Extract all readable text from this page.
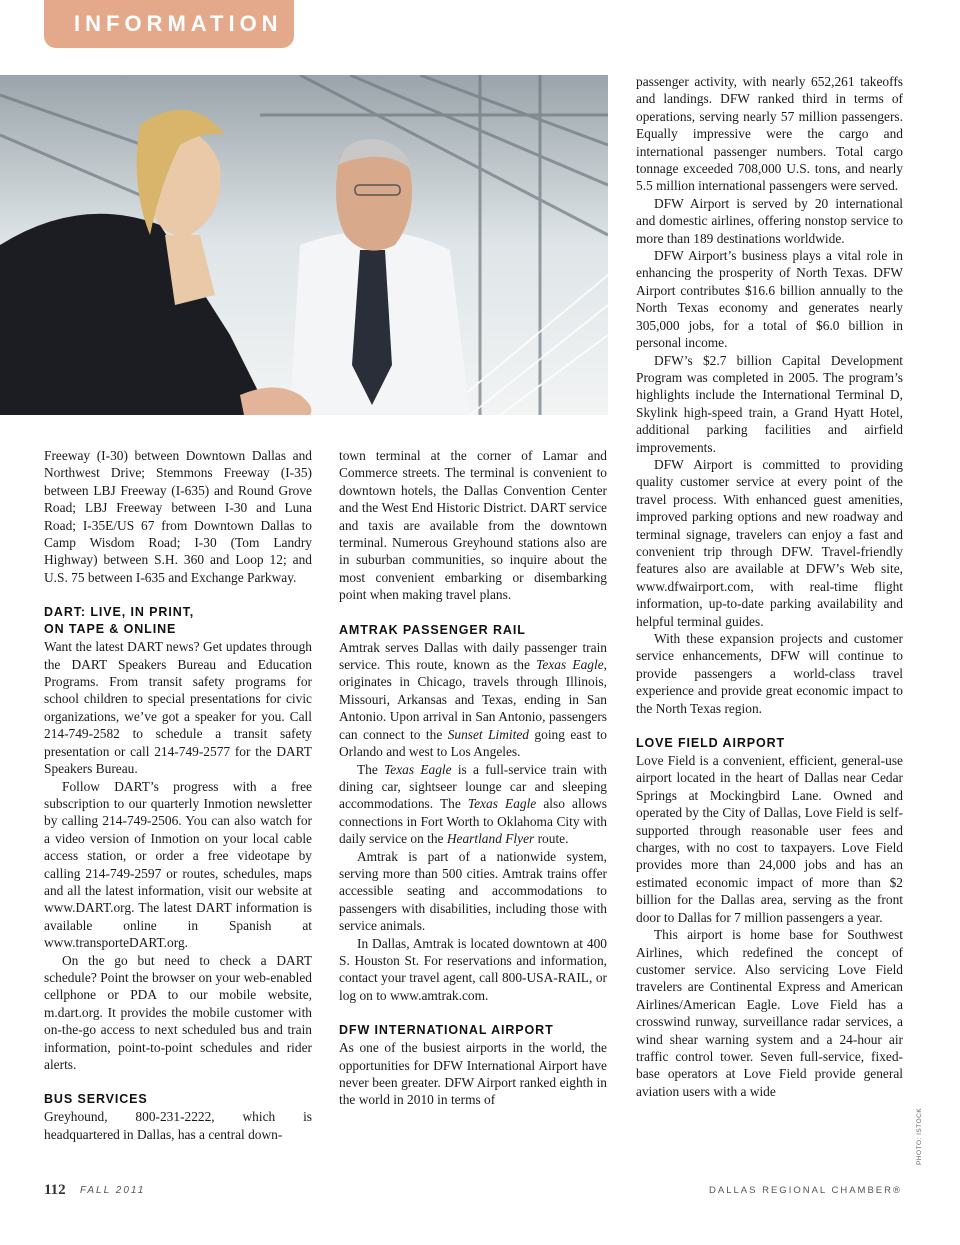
INFORMATION

Freeway (I-30) between Downtown Dallas and Northwest Drive; Stemmons Freeway (I-35) between LBJ Freeway (I-635) and Round Grove Road; LBJ Freeway between I-30 and Luna Road; I-35E/US 67 from Downtown Dallas to Camp Wisdom Road; I-30 (Tom Landry Highway) between S.H. 360 and Loop 12; and U.S. 75 between I-635 and Exchange Parkway.

DART: LIVE, IN PRINT,
ON TAPE & ONLINE

Want the latest DART news? Get updates through the DART Speakers Bureau and Education Programs. From transit safety programs for school children to special presentations for civic organizations, we’ve got a speaker for you. Call 214-749-2582 to schedule a transit safety presentation or call 214-749-2577 for the DART Speakers Bureau.

Follow DART’s progress with a free subscription to our quarterly Inmotion newsletter by calling 214-749-2506. You can also watch for a video version of Inmotion on your local cable access station, or order a free videotape by calling 214-749-2597 or routes, schedules, maps and all the latest information, visit our website at www.DART.org. The latest DART information is available online in Spanish at www.transporteDART.org.

On the go but need to check a DART schedule? Point the browser on your web-enabled cellphone or PDA to our mobile website, m.dart.org. It provides the mobile customer with on-the-go access to next scheduled bus and train information, point-to-point schedules and rider alerts.

BUS SERVICES

Greyhound, 800-231-2222, which is headquartered in Dallas, has a central down-

town terminal at the corner of Lamar and Commerce streets. The terminal is convenient to downtown hotels, the Dallas Convention Center and the West End Historic District. DART service and taxis are available from the downtown terminal. Numerous Greyhound stations also are in suburban communities, so inquire about the most convenient embarking or disembarking point when making travel plans.

AMTRAK PASSENGER RAIL

Amtrak serves Dallas with daily passenger train service. This route, known as the Texas Eagle, originates in Chicago, travels through Illinois, Missouri, Arkansas and Texas, ending in San Antonio. Upon arrival in San Antonio, passengers can connect to the Sunset Limited going east to Orlando and west to Los Angeles.

The Texas Eagle is a full-service train with dining car, sightseer lounge car and sleeping accommodations. The Texas Eagle also allows connections in Fort Worth to Oklahoma City with daily service on the Heartland Flyer route.

Amtrak is part of a nationwide system, serving more than 500 cities. Amtrak trains offer accessible seating and accommodations to passengers with disabilities, including those with service animals.

In Dallas, Amtrak is located downtown at 400 S. Houston St. For reservations and information, contact your travel agent, call 800-USA-RAIL, or log on to www.amtrak.com.

DFW INTERNATIONAL AIRPORT

As one of the busiest airports in the world, the opportunities for DFW International Airport have never been greater. DFW Airport ranked eighth in the world in 2010 in terms of

passenger activity, with nearly 652,261 takeoffs and landings. DFW ranked third in terms of operations, serving nearly 57 million passengers. Equally impressive were the cargo and international passenger numbers. Total cargo tonnage exceeded 708,000 U.S. tons, and nearly 5.5 million international passengers were served.

DFW Airport is served by 20 international and domestic airlines, offering nonstop service to more than 189 destinations worldwide.

DFW Airport’s business plays a vital role in enhancing the prosperity of North Texas. DFW Airport contributes $16.6 billion annually to the North Texas economy and generates nearly 305,000 jobs, for a total of $6.0 billion in personal income.

DFW’s $2.7 billion Capital Development Program was completed in 2005. The program’s highlights include the International Terminal D, Skylink high-speed train, a Grand Hyatt Hotel, additional parking facilities and airfield improvements.

DFW Airport is committed to providing quality customer service at every point of the travel process. With enhanced guest amenities, improved parking options and new roadway and terminal signage, travelers can enjoy a fast and convenient trip through DFW. Travel-friendly features also are available at DFW’s Web site, www.dfwairport.com, with real-time flight information, up-to-date parking availability and helpful terminal guides.

With these expansion projects and customer service enhancements, DFW will continue to provide passengers a world-class travel experience and provide great economic impact to the North Texas region.

LOVE FIELD AIRPORT

Love Field is a convenient, efficient, general-use airport located in the heart of Dallas near Cedar Springs at Mockingbird Lane. Owned and operated by the City of Dallas, Love Field is self-supported through reasonable user fees and charges, with no cost to taxpayers. Love Field provides more than 24,000 jobs and has an estimated economic impact of more than $2 billion for the Dallas area, serving as the front door to Dallas for 7 million passengers a year.

This airport is home base for Southwest Airlines, which redefined the concept of customer service. Also servicing Love Field travelers are Continental Express and American Airlines/American Eagle. Love Field has a crosswind runway, surveillance radar services, a wind shear warning system and a 24-hour air traffic control tower. Seven full-service, fixed-base operators at Love Field provide general aviation users with a wide

112 FALL 2011	DALLAS REGIONAL CHAMBER®
PHOTO: ISTOCK
